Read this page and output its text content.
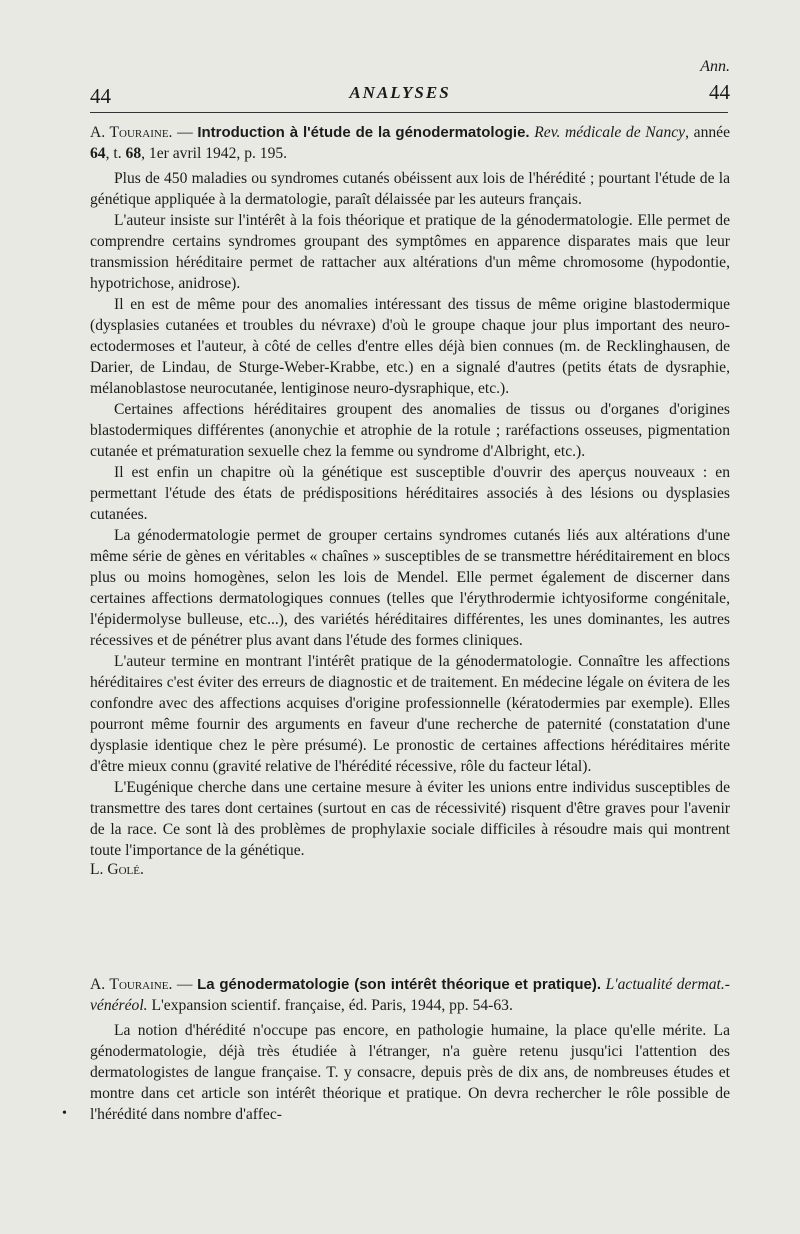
Ann.
44	ANALYSES	44

A. Touraine. — Introduction à l'étude de la génodermatologie. Rev. médicale de Nancy, année 64, t. 68, 1er avril 1942, p. 195.

Plus de 450 maladies ou syndromes cutanés obéissent aux lois de l'hérédité ; pourtant l'étude de la génétique appliquée à la dermatologie, paraît délaissée par les auteurs français.

L'auteur insiste sur l'intérêt à la fois théorique et pratique de la génodermatologie. Elle permet de comprendre certains syndromes groupant des symptômes en apparence disparates mais que leur transmission héréditaire permet de rattacher aux altérations d'un même chromosome (hypodontie, hypotrichose, anidrose).

Il en est de même pour des anomalies intéressant des tissus de même origine blastodermique (dysplasies cutanées et troubles du névraxe) d'où le groupe chaque jour plus important des neuro-ectodermoses et l'auteur, à côté de celles d'entre elles déjà bien connues (m. de Recklinghausen, de Darier, de Lindau, de Sturge-Weber-Krabbe, etc.) en a signalé d'autres (petits états de dysraphie, mélanoblastose neurocutanée, lentiginose neuro-dysraphique, etc.).

Certaines affections héréditaires groupent des anomalies de tissus ou d'organes d'origines blastodermiques différentes (anonychie et atrophie de la rotule ; raréfactions osseuses, pigmentation cutanée et prématuration sexuelle chez la femme ou syndrome d'Albright, etc.).

Il est enfin un chapitre où la génétique est susceptible d'ouvrir des aperçus nouveaux : en permettant l'étude des états de prédispositions héréditaires associés à des lésions ou dysplasies cutanées.

La génodermatologie permet de grouper certains syndromes cutanés liés aux altérations d'une même série de gènes en véritables « chaînes » susceptibles de se transmettre héréditairement en blocs plus ou moins homogènes, selon les lois de Mendel. Elle permet également de discerner dans certaines affections dermatologiques connues (telles que l'érythrodermie ichtyosiforme congénitale, l'épidermolyse bulleuse, etc...), des variétés héréditaires différentes, les unes dominantes, les autres récessives et de pénétrer plus avant dans l'étude des formes cliniques.

L'auteur termine en montrant l'intérêt pratique de la génodermatologie. Connaître les affections héréditaires c'est éviter des erreurs de diagnostic et de traitement. En médecine légale on évitera de les confondre avec des affections acquises d'origine professionnelle (kératodermies par exemple). Elles pourront même fournir des arguments en faveur d'une recherche de paternité (constatation d'une dysplasie identique chez le père présumé). Le pronostic de certaines affections héréditaires mérite d'être mieux connu (gravité relative de l'hérédité récessive, rôle du facteur létal).

L'Eugénique cherche dans une certaine mesure à éviter les unions entre individus susceptibles de transmettre des tares dont certaines (surtout en cas de récessivité) risquent d'être graves pour l'avenir de la race. Ce sont là des problèmes de prophylaxie sociale difficiles à résoudre mais qui montrent toute l'importance de la génétique.

L. Golé.

A. Touraine. — La génodermatologie (son intérêt théorique et pratique). L'actualité dermat.-vénéréol. L'expansion scientif. française, éd. Paris, 1944, pp. 54-63.

La notion d'hérédité n'occupe pas encore, en pathologie humaine, la place qu'elle mérite. La génodermatologie, déjà très étudiée à l'étranger, n'a guère retenu jusqu'ici l'attention des dermatologistes de langue française. T. y consacre, depuis près de dix ans, de nombreuses études et montre dans cet article son intérêt théorique et pratique. On devra rechercher le rôle possible de l'hérédité dans nombre d'affec-

•
